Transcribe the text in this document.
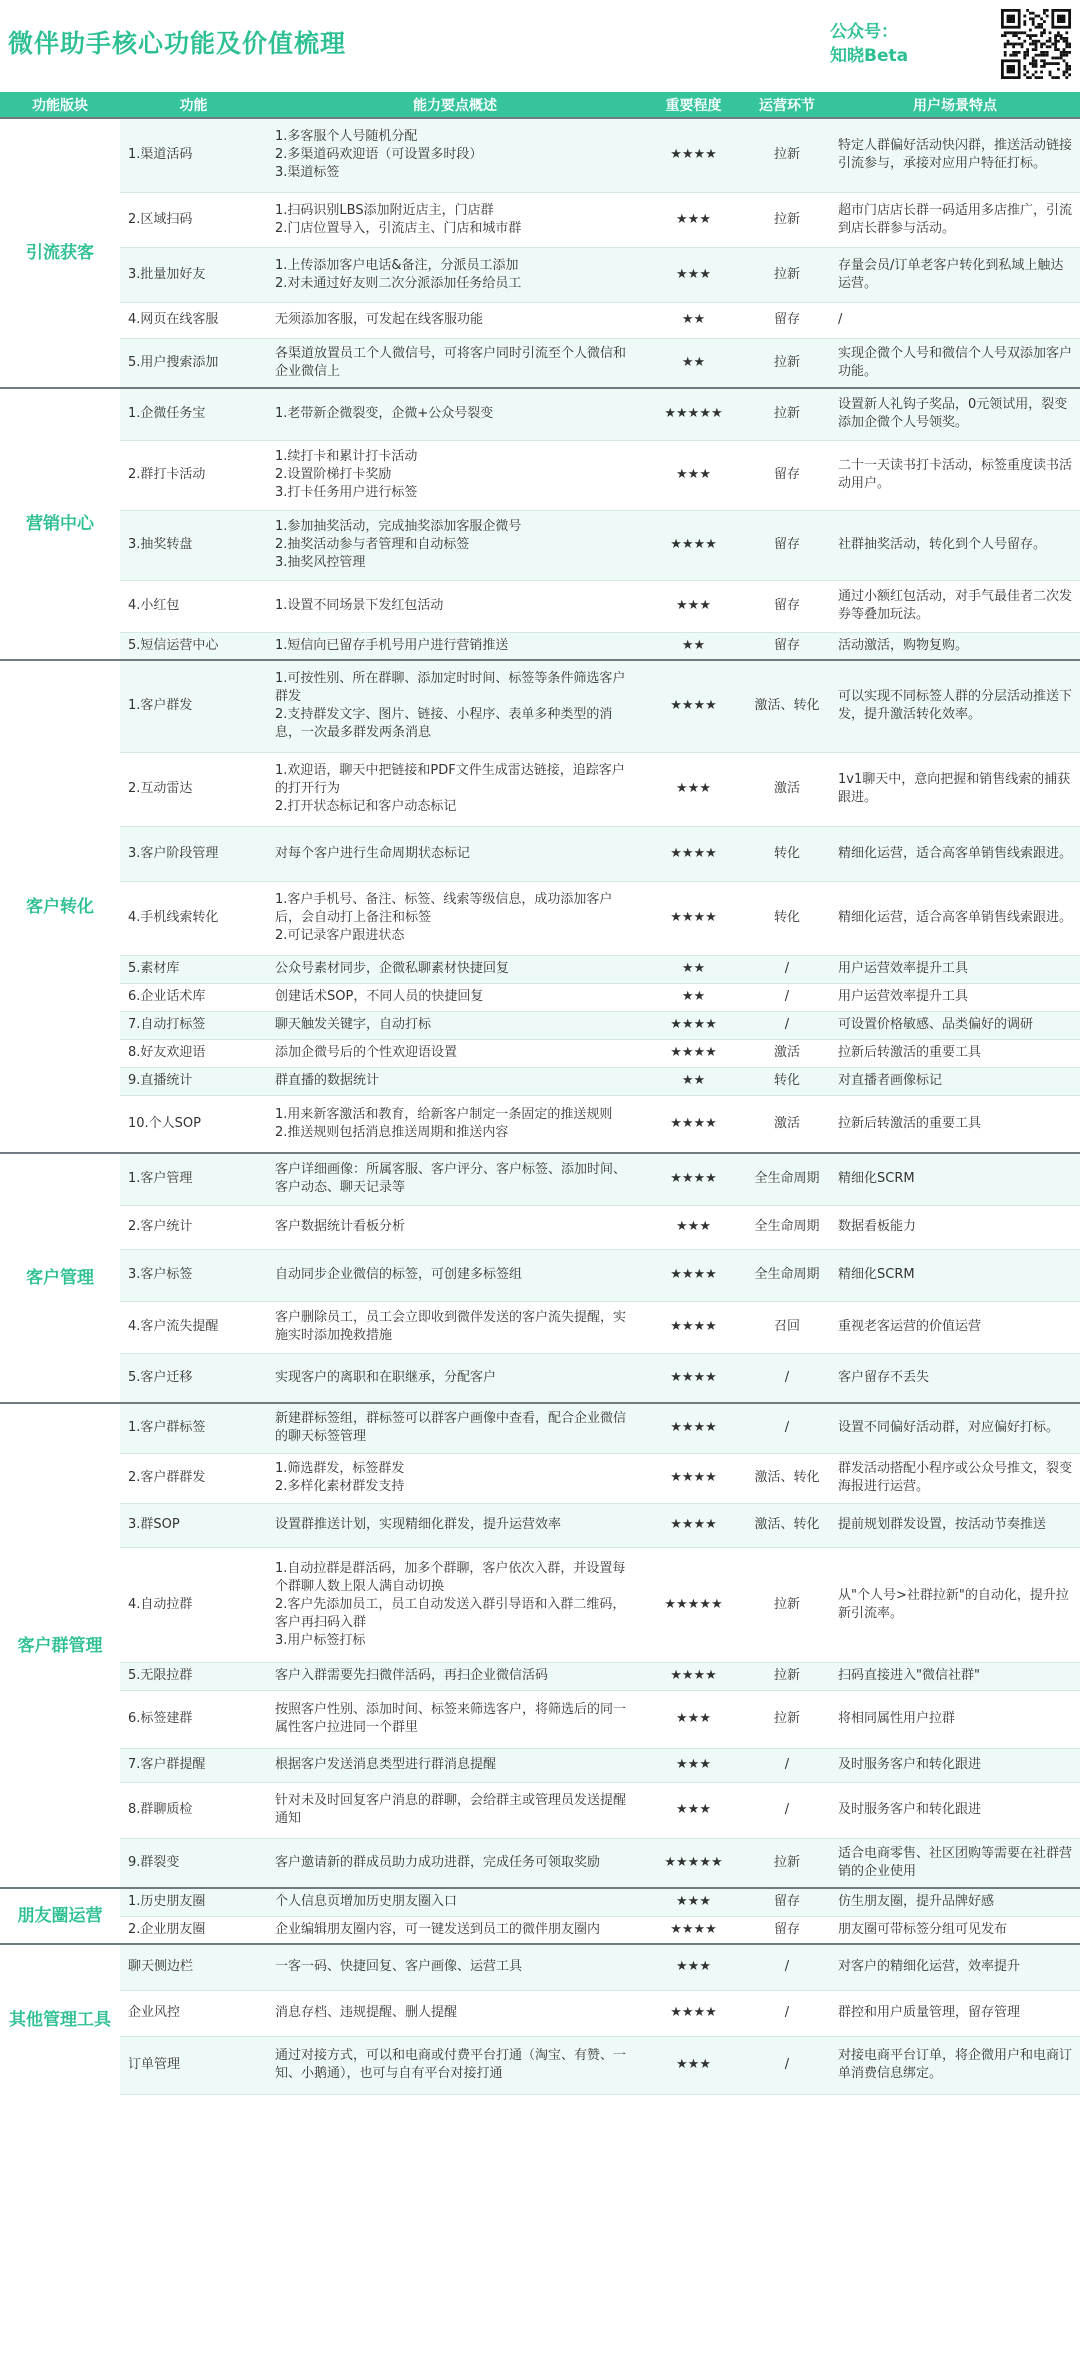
微伴助手核心功能及价值梳理	公众号：
知晓Beta
功能版块	功能	能力要点概述	重要程度	运营环节	用户场景特点
引流获客	1.渠道活码	1.多客服个人号随机分配
2.多渠道码欢迎语（可设置多时段）
3.渠道标签	★★★★	拉新	特定人群偏好活动快闪群，推送活动链接引流参与，承接对应用户特征打标。
	2.区域扫码	1.扫码识别LBS添加附近店主，门店群
2.门店位置导入，引流店主、门店和城市群	★★★	拉新	超市门店店长群一码适用多店推广，引流到店长群参与活动。
	3.批量加好友	1.上传添加客户电话&备注，分派员工添加
2.对未通过好友则二次分派添加任务给员工	★★★	拉新	存量会员/订单老客户转化到私域上触达运营。
	4.网页在线客服	无须添加客服，可发起在线客服功能	★★	留存	/
	5.用户搜索添加	各渠道放置员工个人微信号，可将客户同时引流至个人微信和企业微信上	★★	拉新	实现企微个人号和微信个人号双添加客户功能。
营销中心	1.企微任务宝	1.老带新企微裂变，企微+公众号裂变	★★★★★	拉新	设置新人礼钩子奖品，0元领试用，裂变添加企微个人号领奖。
	2.群打卡活动	1.续打卡和累计打卡活动
2.设置阶梯打卡奖励
3.打卡任务用户进行标签	★★★	留存	二十一天读书打卡活动，标签重度读书活动用户。
	3.抽奖转盘	1.参加抽奖活动，完成抽奖添加客服企微号
2.抽奖活动参与者管理和自动标签
3.抽奖风控管理	★★★★	留存	社群抽奖活动，转化到个人号留存。
	4.小红包	1.设置不同场景下发红包活动	★★★	留存	通过小额红包活动，对手气最佳者二次发券等叠加玩法。
	5.短信运营中心	1.短信向已留存手机号用户进行营销推送	★★	留存	活动激活，购物复购。
客户转化	1.客户群发	1.可按性别、所在群聊、添加定时时间、标签等条件筛选客户群发
2.支持群发文字、图片、链接、小程序、表单多种类型的消息，一次最多群发两条消息	★★★★	激活、转化	可以实现不同标签人群的分层活动推送下发，提升激活转化效率。
	2.互动雷达	1.欢迎语，聊天中把链接和PDF文件生成雷达链接，追踪客户的打开行为
2.打开状态标记和客户动态标记	★★★	激活	1v1聊天中，意向把握和销售线索的捕获跟进。
	3.客户阶段管理	对每个客户进行生命周期状态标记	★★★★	转化	精细化运营，适合高客单销售线索跟进。
	4.手机线索转化	1.客户手机号、备注、标签、线索等级信息，成功添加客户后，会自动打上备注和标签
2.可记录客户跟进状态	★★★★	转化	精细化运营，适合高客单销售线索跟进。
	5.素材库	公众号素材同步，企微私聊素材快捷回复	★★	/	用户运营效率提升工具
	6.企业话术库	创建话术SOP，不同人员的快捷回复	★★	/	用户运营效率提升工具
	7.自动打标签	聊天触发关键字，自动打标	★★★★	/	可设置价格敏感、品类偏好的调研
	8.好友欢迎语	添加企微号后的个性欢迎语设置	★★★★	激活	拉新后转激活的重要工具
	9.直播统计	群直播的数据统计	★★	转化	对直播者画像标记
	10.个人SOP	1.用来新客激活和教育，给新客户制定一条固定的推送规则
2.推送规则包括消息推送周期和推送内容	★★★★	激活	拉新后转激活的重要工具
客户管理	1.客户管理	客户详细画像：所属客服、客户评分、客户标签、添加时间、客户动态、聊天记录等	★★★★	全生命周期	精细化SCRM
	2.客户统计	客户数据统计看板分析	★★★	全生命周期	数据看板能力
	3.客户标签	自动同步企业微信的标签，可创建多标签组	★★★★	全生命周期	精细化SCRM
	4.客户流失提醒	客户删除员工，员工会立即收到微伴发送的客户流失提醒，实施实时添加挽救措施	★★★★	召回	重视老客运营的价值运营
	5.客户迁移	实现客户的离职和在职继承，分配客户	★★★★	/	客户留存不丢失
客户群管理	1.客户群标签	新建群标签组，群标签可以群客户画像中查看，配合企业微信的聊天标签管理	★★★★	/	设置不同偏好活动群，对应偏好打标。
	2.客户群群发	1.筛选群发，标签群发
2.多样化素材群发支持	★★★★	激活、转化	群发活动搭配小程序或公众号推文，裂变海报进行运营。
	3.群SOP	设置群推送计划，实现精细化群发，提升运营效率	★★★★	激活、转化	提前规划群发设置，按活动节奏推送
	4.自动拉群	1.自动拉群是群活码，加多个群聊，客户依次入群，并设置每个群聊人数上限人满自动切换
2.客户先添加员工，员工自动发送入群引导语和入群二维码，客户再扫码入群
3.用户标签打标	★★★★★	拉新	从"个人号>社群拉新"的自动化，提升拉新引流率。
	5.无限拉群	客户入群需要先扫微伴活码，再扫企业微信活码	★★★★	拉新	扫码直接进入"微信社群"
	6.标签建群	按照客户性别、添加时间、标签来筛选客户，将筛选后的同一属性客户拉进同一个群里	★★★	拉新	将相同属性用户拉群
	7.客户群提醒	根据客户发送消息类型进行群消息提醒	★★★	/	及时服务客户和转化跟进
	8.群聊质检	针对未及时回复客户消息的群聊，会给群主或管理员发送提醒通知	★★★	/	及时服务客户和转化跟进
	9.群裂变	客户邀请新的群成员助力成功进群，完成任务可领取奖励	★★★★★	拉新	适合电商零售、社区团购等需要在社群营销的企业使用
朋友圈运营	1.历史朋友圈	个人信息页增加历史朋友圈入口	★★★	留存	仿生朋友圈，提升品牌好感
	2.企业朋友圈	企业编辑朋友圈内容，可一键发送到员工的微伴朋友圈内	★★★★	留存	朋友圈可带标签分组可见发布
其他管理工具	聊天侧边栏	一客一码、快捷回复、客户画像、运营工具	★★★	/	对客户的精细化运营，效率提升
	企业风控	消息存档、违规提醒、删人提醒	★★★★	/	群控和用户质量管理，留存管理
	订单管理	通过对接方式，可以和电商或付费平台打通（淘宝、有赞、一知、小鹅通），也可与自有平台对接打通	★★★	/	对接电商平台订单，将企微用户和电商订单消费信息绑定。
